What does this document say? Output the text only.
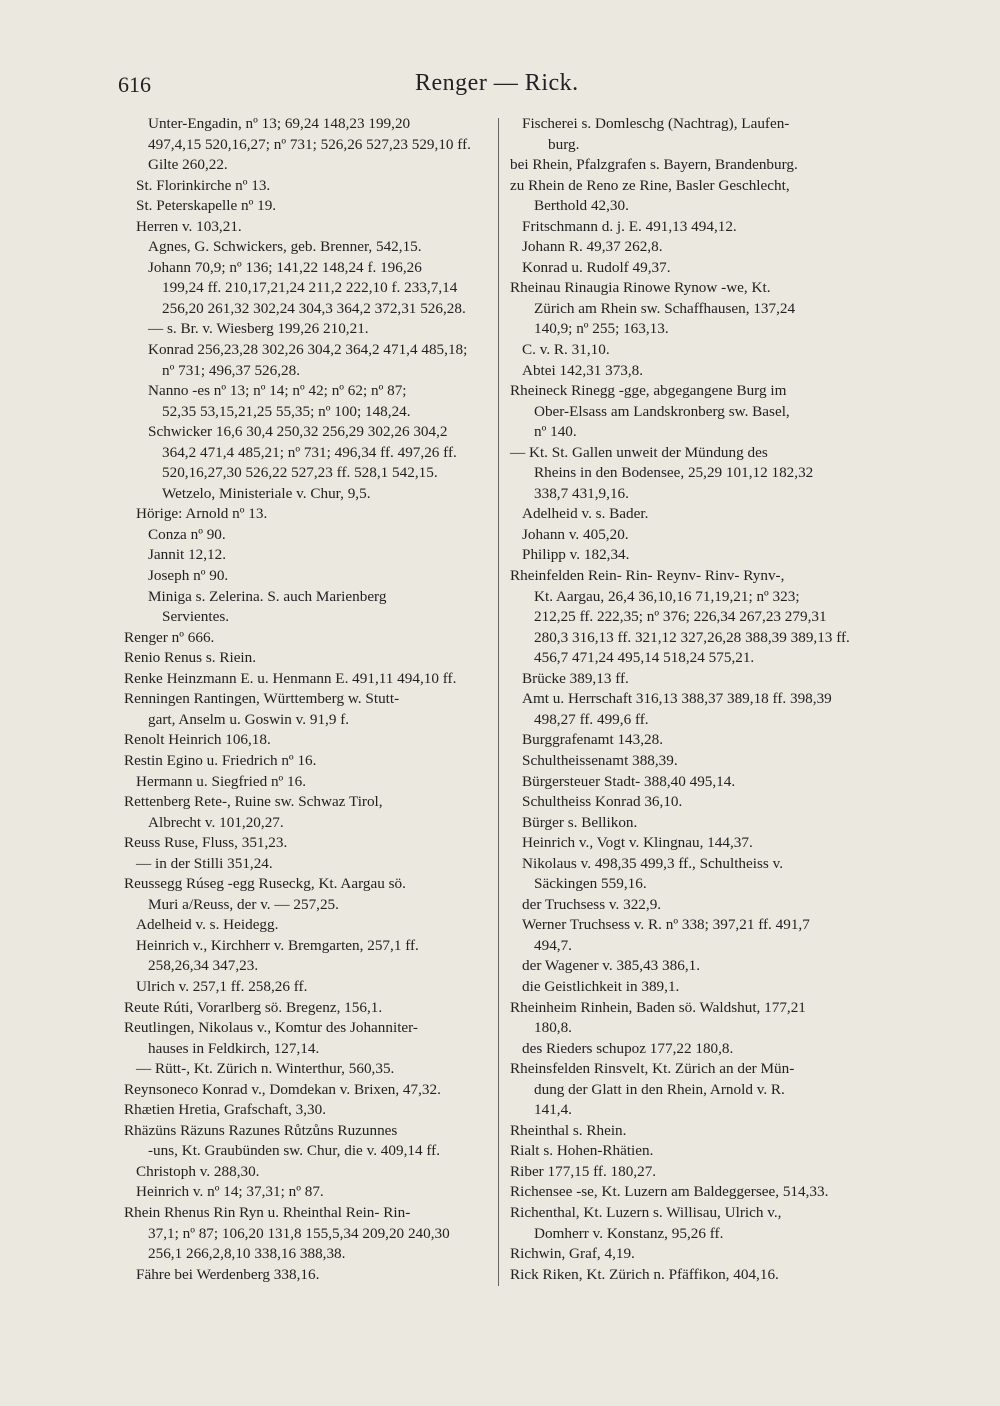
616	Renger — Rick.
Unter-Engadin, nº 13; 69,24 148,23 199,20
497,4,15 520,16,27; nº 731; 526,26 527,23 529,10 ff.
Gilte 260,22.
St. Florinkirche nº 13.
St. Peterskapelle nº 19.
Herren v. 103,21.
Agnes, G. Schwickers, geb. Brenner, 542,15.
Johann 70,9; nº 136; 141,22 148,24 f. 196,26
199,24 ff. 210,17,21,24 211,2 222,10 f. 233,7,14
256,20 261,32 302,24 304,3 364,2 372,31 526,28.
— s. Br. v. Wiesberg 199,26 210,21.
Konrad 256,23,28 302,26 304,2 364,2 471,4 485,18;
nº 731; 496,37 526,28.
Nanno -es nº 13; nº 14; nº 42; nº 62; nº 87;
52,35 53,15,21,25 55,35; nº 100; 148,24.
Schwicker 16,6 30,4 250,32 256,29 302,26 304,2
364,2 471,4 485,21; nº 731; 496,34 ff. 497,26 ff.
520,16,27,30 526,22 527,23 ff. 528,1 542,15.
Wetzelo, Ministeriale v. Chur, 9,5.
Hörige: Arnold nº 13.
Conza nº 90.
Jannit 12,12.
Joseph nº 90.
Miniga s. Zelerina. S. auch Marienberg
Servientes.
Renger nº 666.
Renio Renus s. Riein.
Renke Heinzmann E. u. Henmann E. 491,11 494,10 ff.
Renningen Rantingen, Württemberg w. Stutt-
gart, Anselm u. Goswin v. 91,9 f.
Renolt Heinrich 106,18.
Restin Egino u. Friedrich nº 16.
Hermann u. Siegfried nº 16.
Rettenberg Rete-, Ruine sw. Schwaz Tirol,
Albrecht v. 101,20,27.
Reuss Ruse, Fluss, 351,23.
— in der Stilli 351,24.
Reussegg Rúseg -egg Ruseckg, Kt. Aargau sö.
Muri a/Reuss, der v. — 257,25.
Adelheid v. s. Heidegg.
Heinrich v., Kirchherr v. Bremgarten, 257,1 ff.
258,26,34 347,23.
Ulrich v. 257,1 ff. 258,26 ff.
Reute Rúti, Vorarlberg sö. Bregenz, 156,1.
Reutlingen, Nikolaus v., Komtur des Johanniter-
hauses in Feldkirch, 127,14.
— Rütt-, Kt. Zürich n. Winterthur, 560,35.
Reynsoneco Konrad v., Domdekan v. Brixen, 47,32.
Rhætien Hretia, Grafschaft, 3,30.
Rhäzüns Räzuns Razunes Růtzůns Ruzunnes
-uns, Kt. Graubünden sw. Chur, die v. 409,14 ff.
Christoph v. 288,30.
Heinrich v. nº 14; 37,31; nº 87.
Rhein Rhenus Rin Ryn u. Rheinthal Rein- Rin-
37,1; nº 87; 106,20 131,8 155,5,34 209,20 240,30
256,1 266,2,8,10 338,16 388,38.
Fähre bei Werdenberg 338,16.
Fischerei s. Domleschg (Nachtrag), Laufen-
burg.
bei Rhein, Pfalzgrafen s. Bayern, Brandenburg.
zu Rhein de Reno ze Rine, Basler Geschlecht,
Berthold 42,30.
Fritschmann d. j. E. 491,13 494,12.
Johann R. 49,37 262,8.
Konrad u. Rudolf 49,37.
Rheinau Rinaugia Rinowe Rynow -we, Kt.
Zürich am Rhein sw. Schaffhausen, 137,24
140,9; nº 255; 163,13.
C. v. R. 31,10.
Abtei 142,31 373,8.
Rheineck Rinegg -gge, abgegangene Burg im
Ober-Elsass am Landskronberg sw. Basel,
nº 140.
— Kt. St. Gallen unweit der Mündung des
Rheins in den Bodensee, 25,29 101,12 182,32
338,7 431,9,16.
Adelheid v. s. Bader.
Johann v. 405,20.
Philipp v. 182,34.
Rheinfelden Rein- Rin- Reynv- Rinv- Rynv-,
Kt. Aargau, 26,4 36,10,16 71,19,21; nº 323;
212,25 ff. 222,35; nº 376; 226,34 267,23 279,31
280,3 316,13 ff. 321,12 327,26,28 388,39 389,13 ff.
456,7 471,24 495,14 518,24 575,21.
Brücke 389,13 ff.
Amt u. Herrschaft 316,13 388,37 389,18 ff. 398,39
498,27 ff. 499,6 ff.
Burggrafenamt 143,28.
Schultheissenamt 388,39.
Bürgersteuer Stadt- 388,40 495,14.
Schultheiss Konrad 36,10.
Bürger s. Bellikon.
Heinrich v., Vogt v. Klingnau, 144,37.
Nikolaus v. 498,35 499,3 ff., Schultheiss v.
Säckingen 559,16.
der Truchsess v. 322,9.
Werner Truchsess v. R. nº 338; 397,21 ff. 491,7
494,7.
der Wagener v. 385,43 386,1.
die Geistlichkeit in 389,1.
Rheinheim Rinhein, Baden sö. Waldshut, 177,21
180,8.
des Rieders schupoz 177,22 180,8.
Rheinsfelden Rinsvelt, Kt. Zürich an der Mün-
dung der Glatt in den Rhein, Arnold v. R.
141,4.
Rheinthal s. Rhein.
Rialt s. Hohen-Rhätien.
Riber 177,15 ff. 180,27.
Richensee -se, Kt. Luzern am Baldeggersee, 514,33.
Richenthal, Kt. Luzern s. Willisau, Ulrich v.,
Domherr v. Konstanz, 95,26 ff.
Richwin, Graf, 4,19.
Rick Riken, Kt. Zürich n. Pfäffikon, 404,16.
